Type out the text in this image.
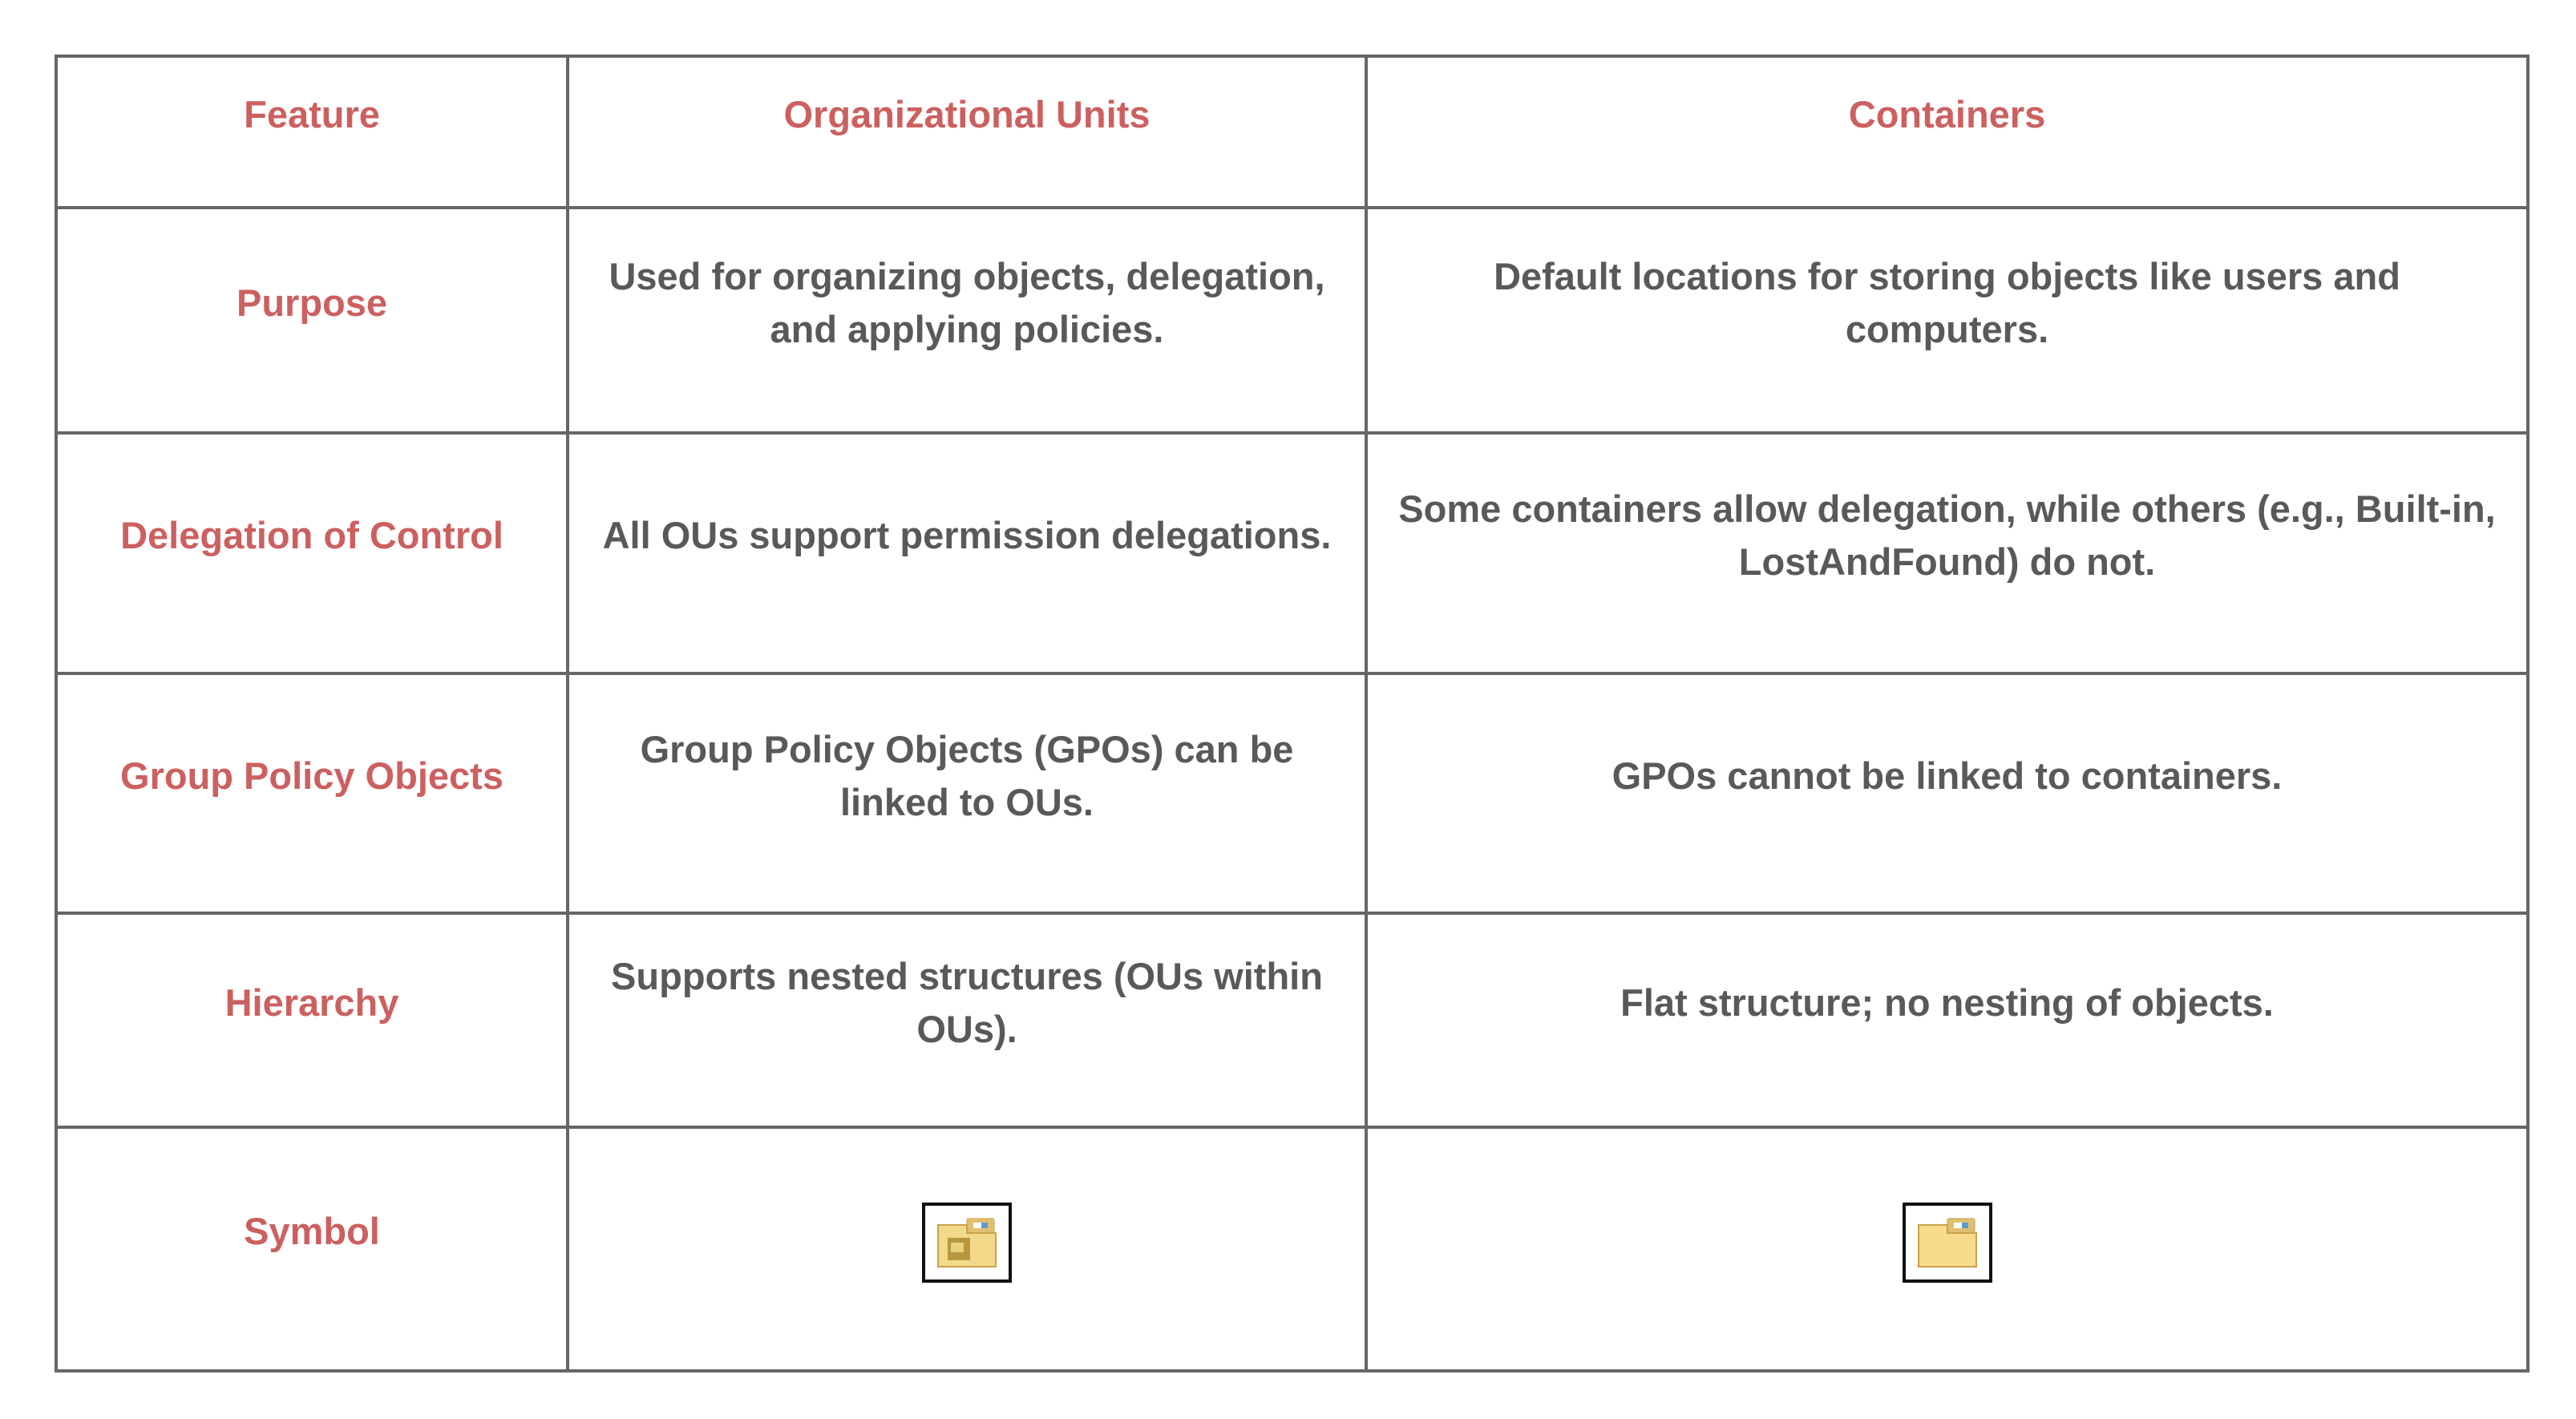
Feature	Organizational Units	Containers
Purpose	Used for organizing objects, delegation, and applying policies.	Default locations for storing objects like users and computers.
Delegation of Control	All OUs support permission delegations.	Some containers allow delegation, while others (e.g., Built-in, LostAndFound) do not.
Group Policy Objects	Group Policy Objects (GPOs) can be linked to OUs.	GPOs cannot be linked to containers.
Hierarchy	Supports nested structures (OUs within OUs).	Flat structure; no nesting of objects.
Symbol	
